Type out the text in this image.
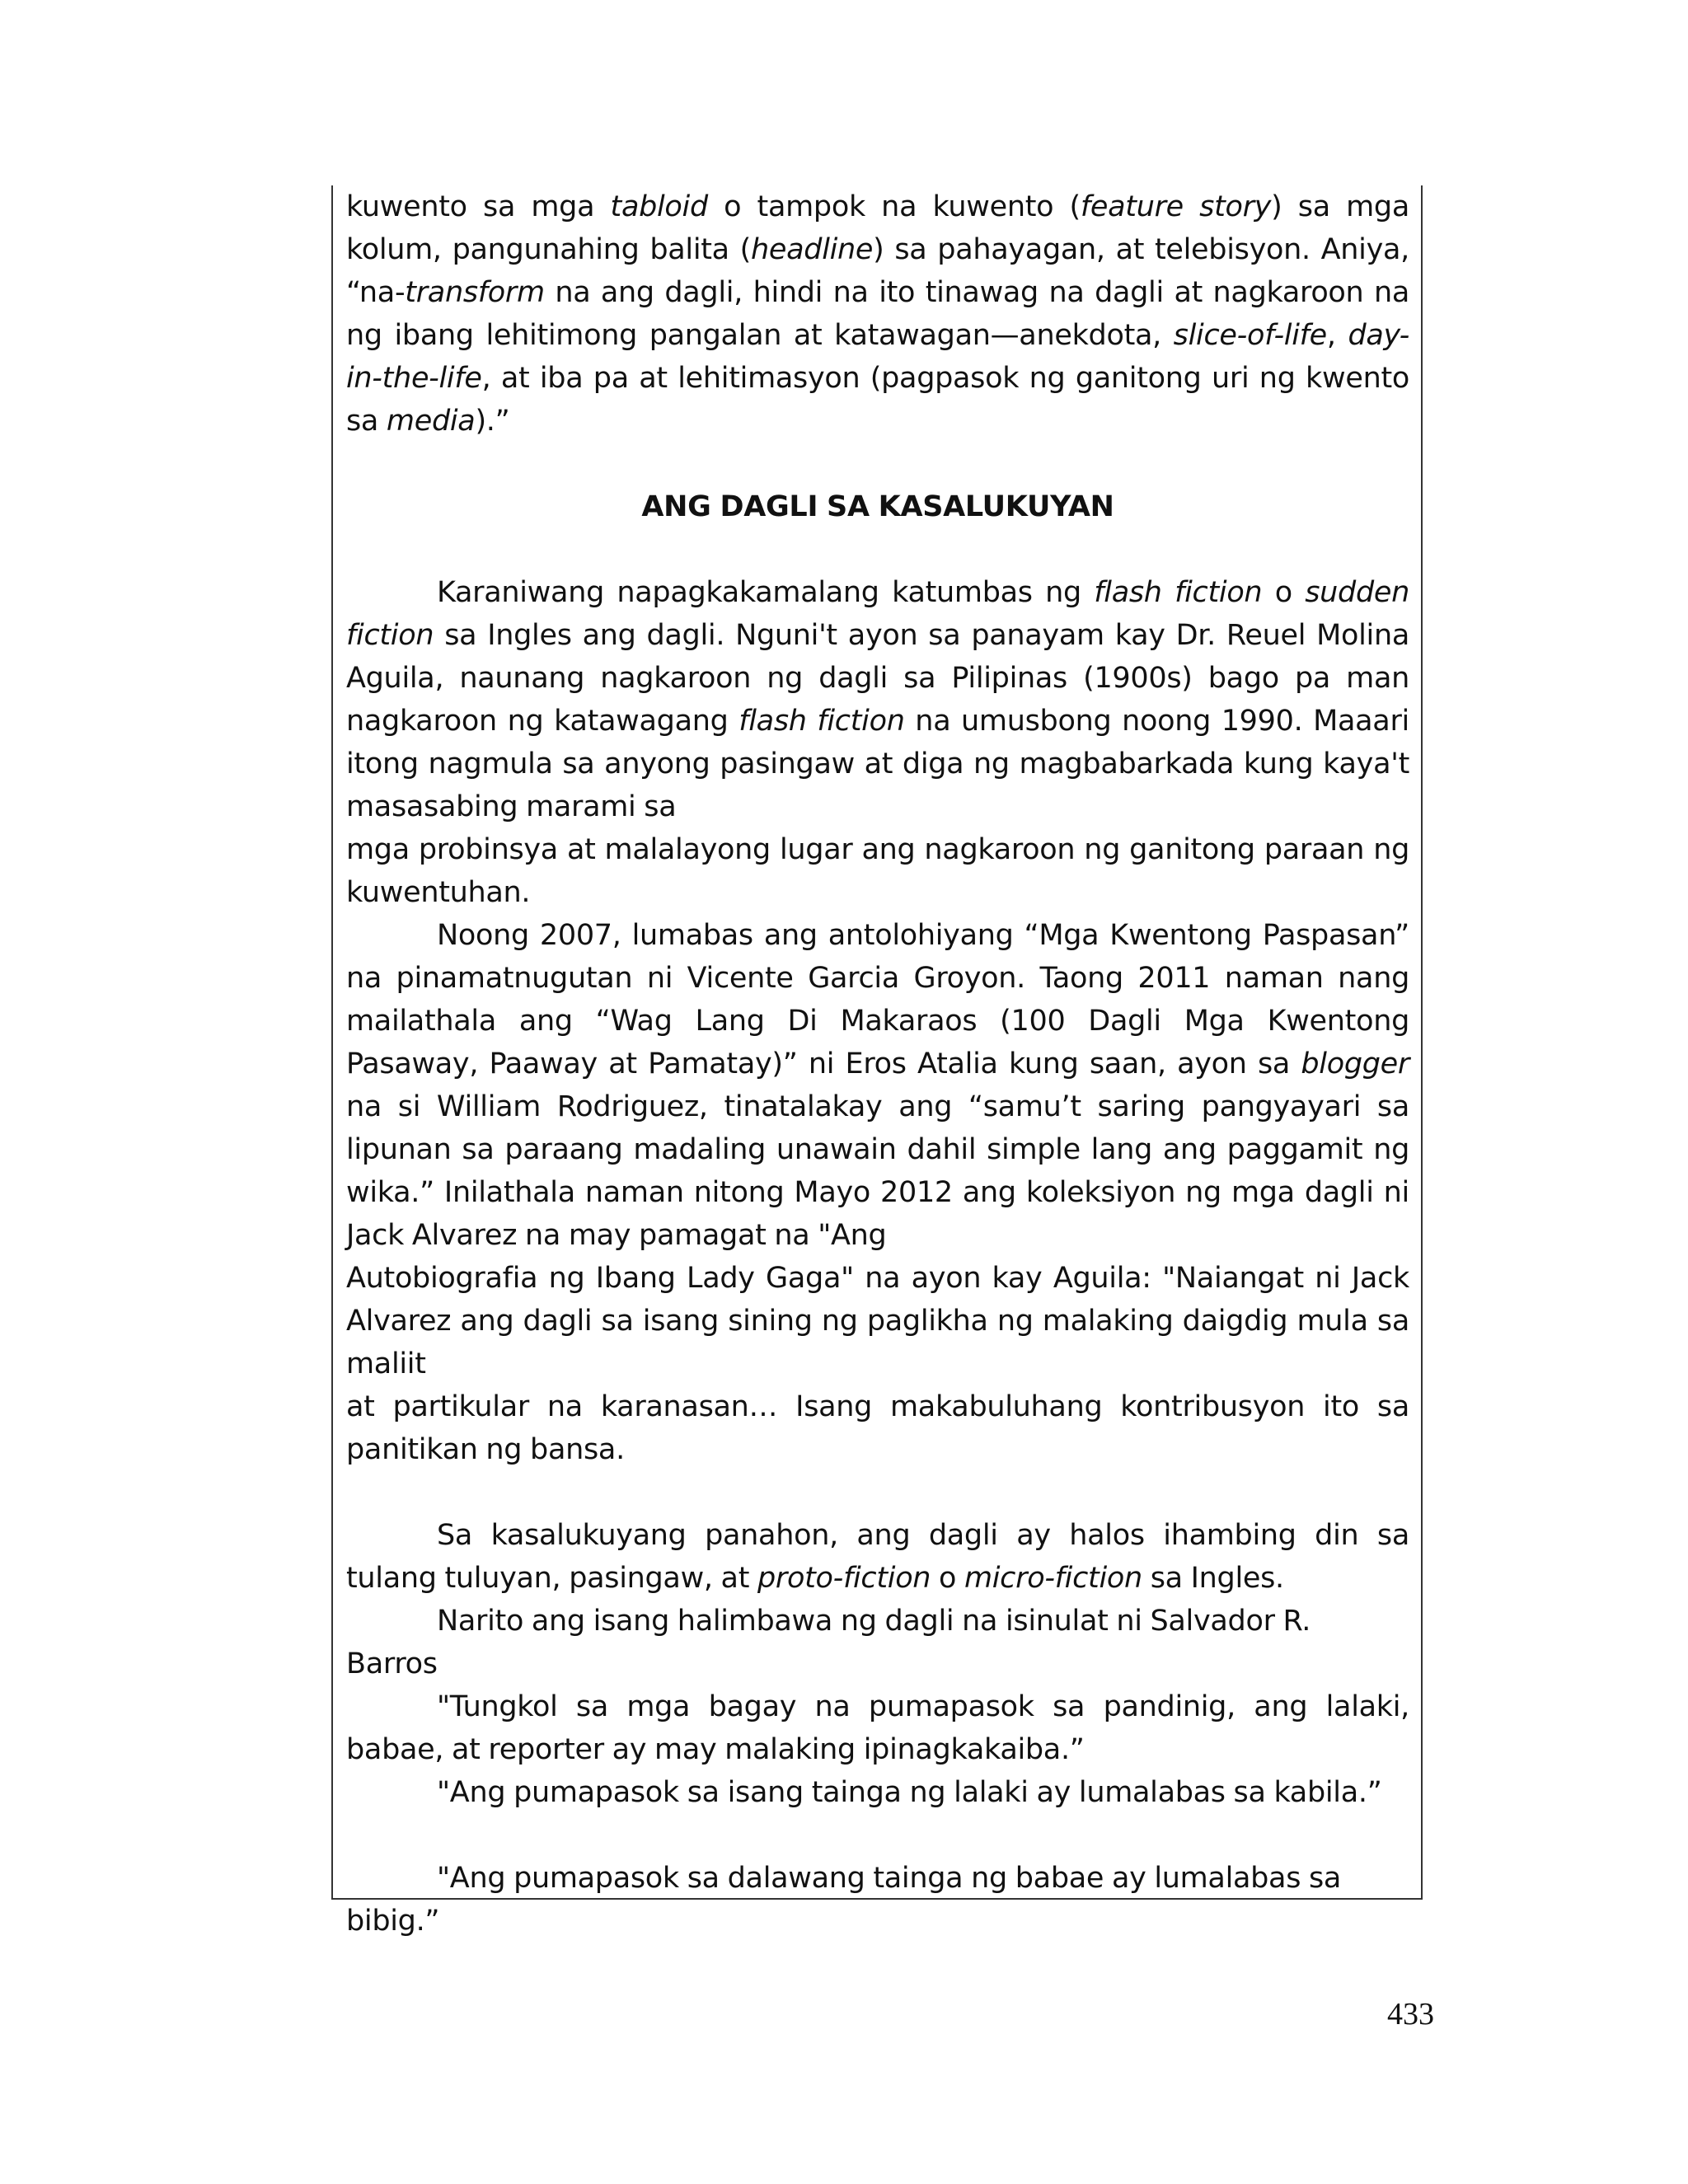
kuwento sa mga tabloid o tampok na kuwento (feature story) sa mga kolum, pangunahing balita (headline) sa pahayagan, at telebisyon. Aniya, “na-transform na ang dagli, hindi na ito tinawag na dagli at nagkaroon na ng ibang lehitimong pangalan at katawagan—anekdota, slice-of-life, day-in-the-life, at iba pa at lehitimasyon (pagpasok ng ganitong uri ng kwento sa media).”

ANG DAGLI SA KASALUKUYAN

Karaniwang napagkakamalang katumbas ng flash fiction o sudden fiction sa Ingles ang dagli. Nguni't ayon sa panayam kay Dr. Reuel Molina Aguila, naunang nagkaroon ng dagli sa Pilipinas (1900s) bago pa man nagkaroon ng katawagang flash fiction na umusbong noong 1990. Maaari itong nagmula sa anyong pasingaw at diga ng magbabarkada kung kaya't masasabing marami sa

mga probinsya at malalayong lugar ang nagkaroon ng ganitong paraan ng kuwentuhan.

Noong 2007, lumabas ang antolohiyang “Mga Kwentong Paspasan” na pinamatnugutan ni Vicente Garcia Groyon. Taong 2011 naman nang mailathala ang “Wag Lang Di Makaraos (100 Dagli Mga Kwentong Pasaway, Paaway at Pamatay)” ni Eros Atalia kung saan, ayon sa blogger na si William Rodriguez, tinatalakay ang “samu’t saring pangyayari sa lipunan sa paraang madaling unawain dahil simple lang ang paggamit ng wika.” Inilathala naman nitong Mayo 2012 ang koleksiyon ng mga dagli ni Jack Alvarez na may pamagat na "Ang

Autobiografia ng Ibang Lady Gaga" na ayon kay Aguila: "Naiangat ni Jack Alvarez ang dagli sa isang sining ng paglikha ng malaking daigdig mula sa maliit

at partikular na karanasan… Isang makabuluhang kontribusyon ito sa panitikan ng bansa.

Sa kasalukuyang panahon, ang dagli ay halos ihambing din sa tulang tuluyan, pasingaw, at proto-fiction o micro-fiction sa Ingles.

Narito ang isang halimbawa ng dagli na isinulat ni Salvador R. Barros

"Tungkol sa mga bagay na pumapasok sa pandinig, ang lalaki, babae, at reporter ay may malaking ipinagkakaiba.”

"Ang pumapasok sa isang tainga ng lalaki ay lumalabas sa kabila.”

"Ang pumapasok sa dalawang tainga ng babae ay lumalabas sa bibig.”

433
